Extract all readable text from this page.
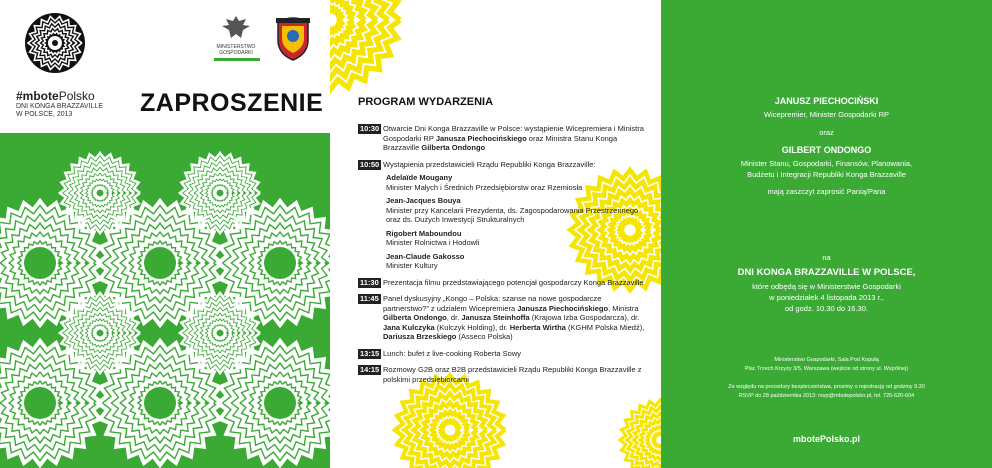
#mbotePolsko
DNI KONGA BRAZZAVILLE
W POLSCE, 2013
MINISTERSTWO
GOSPODARKI
ZAPROSZENIE	PROGRAM WYDARZENIA
10:30 Otwarcie Dni Konga Brazzaville w Polsce: wystąpienie Wicepremiera i Ministra Gospodarki RP Janusza Piechocińskiego oraz Ministra Stanu Konga Brazzaville Gilberta Ondongo
10:50 Wystąpienia przedstawicieli Rządu Republiki Konga Brazzaville:
Adelaïde Mougany
Minister Małych i Średnich Przedsiębiorstw oraz Rzemiosła
Jean-Jacques Bouya
Minister przy Kancelarii Prezydenta, ds. Zagospodarowania Przestrzennego oraz ds. Dużych Inwestycji Strukturalnych
Rigobert Maboundou
Minister Rolnictwa i Hodowli
Jean-Claude Gakosso
Minister Kultury
11:30 Prezentacja filmu przedstawiającego potencjał gospodarczy Konga Brazzaville
11:45 Panel dyskusyjny „Kongo – Polska: szanse na nowe gospodarcze partnerstwo?” z udziałem Wicepremiera Janusza Piechocińskiego, Ministra Gilberta Ondongo, dr. Janusza Steinhoffa (Krajowa Izba Gospodarcza), dr. Jana Kulczyka (Kulczyk Holding), dr. Herberta Wirtha (KGHM Polska Miedź), Dariusza Brzeskiego (Asseco Polska)
13:15 Lunch: bufet z live-cooking Roberta Sowy
14:15 Rozmowy G2B oraz B2B przedstawicieli Rządu Republiki Konga Brazzaville z polskimi przedsiębiorcami
JANUSZ PIECHOCIŃSKI
Wicepremier, Minister Gospodarki RP
oraz
GILBERT ONDONGO
Minister Stanu, Gospodarki, Finansów, Planowania,
Budżetu i Integracji Republiki Konga Brazzaville
mają zaszczyt zaprosić Panią/Pana
na
DNI KONGA BRAZZAVILLE W POLSCE,
które odbędą się w Ministerstwie Gospodarki
w poniedziałek 4 listopada 2013 r.,
od godz. 10.30 do 16.30.
Ministerstwo Gospodarki, Sala Pod Kopułą
Plac Trzech Krzyży 3/5, Warszawa (wejście od strony ul. Wspólnej)
Ze względu na procedury bezpieczeństwa, prosimy o rejestrację od godziny 9.30
RSVP do 28 października 2013: rsvp@mbotepolsko.pl, tel. 726-620-604
mbotePolsko.pl
